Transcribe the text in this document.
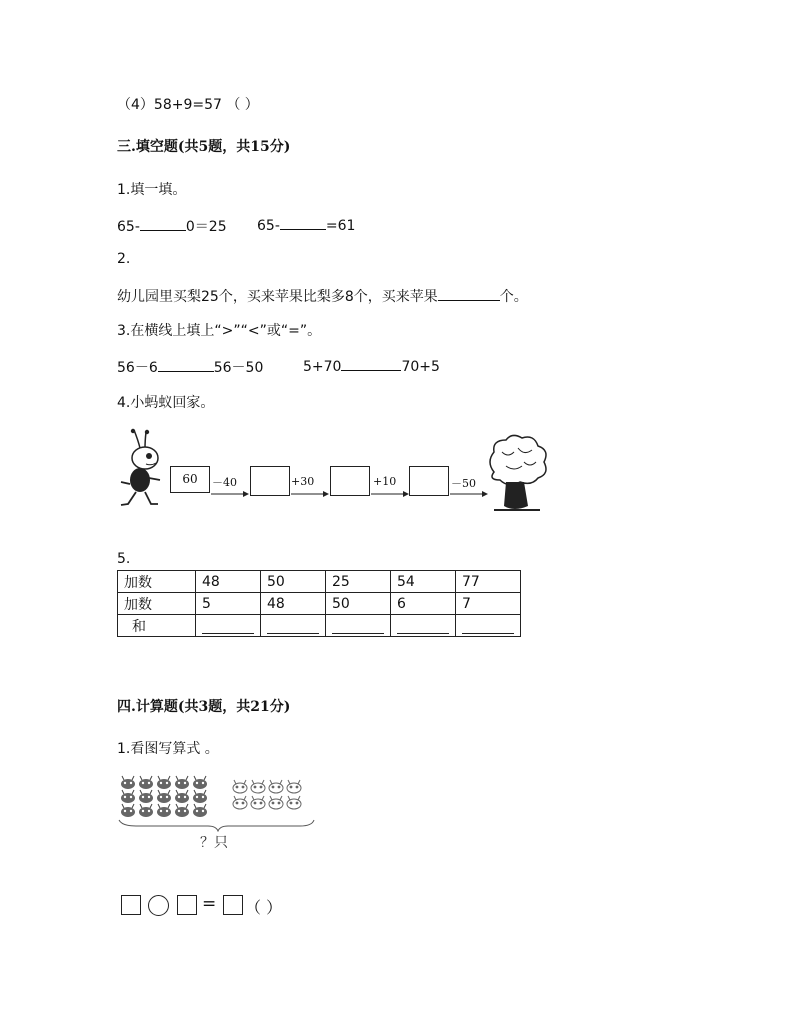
（4）58+9=57 （ ）
三.填空题(共5题，共15分)
1.填一填。
65-	0＝25 65-	=61
2.
幼儿园里买梨25个，买来苹果比梨多8个，买来苹果	个。
3.在横线上填上“>”“<”或“=”。
56－6	56－50	5+70	70+5
4.小蚂蚁回家。
60	－40	+30	+10	－50
5.
加数	48	50	25	54	77
加数	5	48	50	6	7
和	

四.计算题(共3题，共21分)
1.看图写算式 。
？只
= （ ）
